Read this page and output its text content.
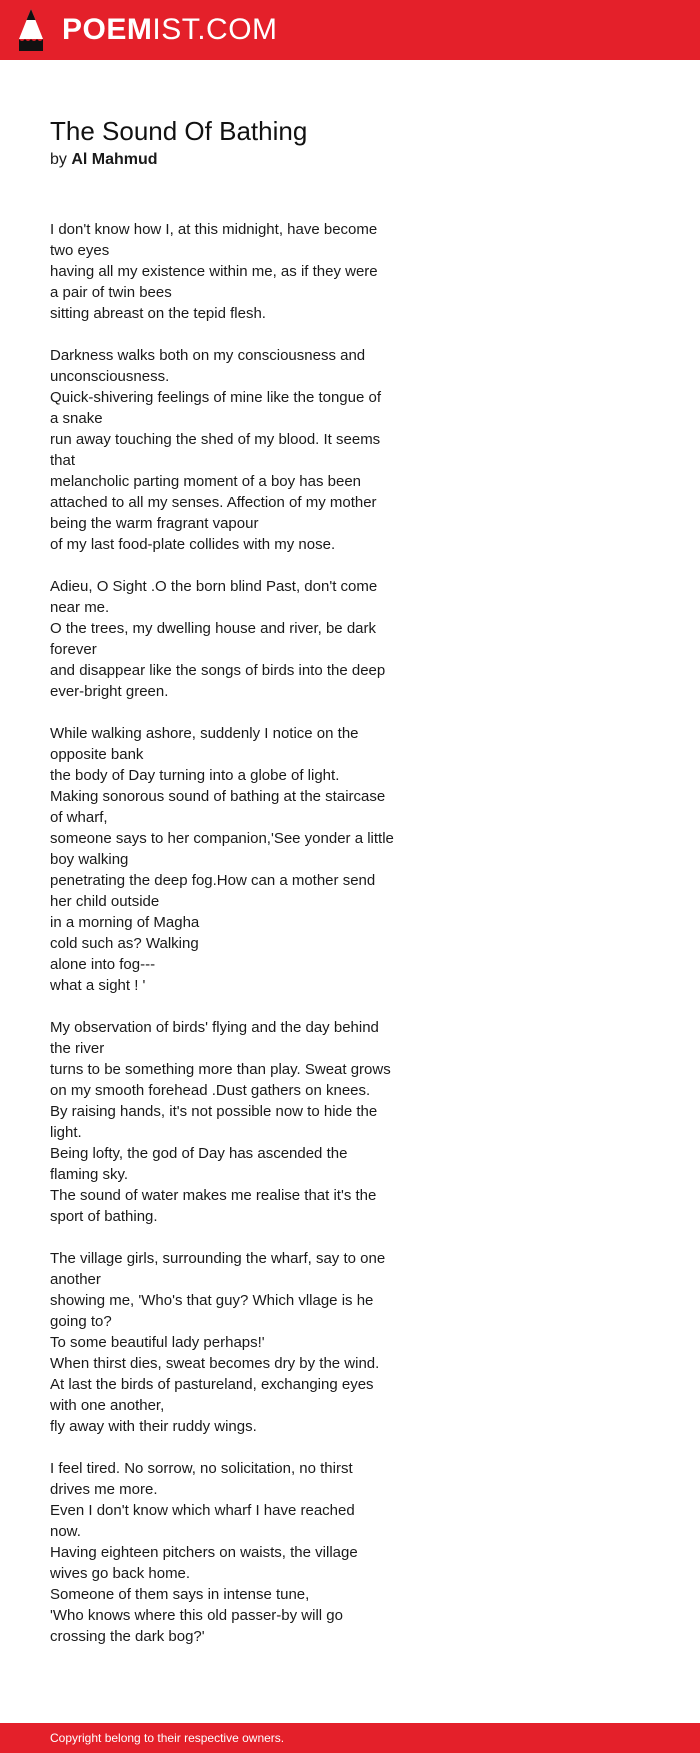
POEMIST.COM
The Sound Of Bathing
by Al Mahmud
I don't know how I, at this midnight, have become
two eyes
having all my existence within me, as if they were
a pair of twin bees
sitting abreast on the tepid flesh.
Darkness walks both on my consciousness and
unconsciousness.
Quick-shivering feelings of mine like the tongue of
a snake
run away touching the shed of my blood. It seems
that
melancholic parting moment of a boy has been
attached to all my senses. Affection of my mother
being the warm fragrant vapour
of my last food-plate collides with my nose.
Adieu, O Sight .O the born blind Past, don't come
near me.
O the trees, my dwelling house and river, be dark
forever
and disappear like the songs of birds into the deep
ever-bright green.
While walking ashore, suddenly I notice on the
opposite bank
the body of Day turning into a globe of light.
Making sonorous sound of bathing at the staircase
of wharf,
someone says to her companion,'See yonder a little
boy walking
penetrating the deep fog.How can a mother send
her child outside
in a morning of Magha
cold such as? Walking
alone into fog---
what a sight ! '
My observation of birds' flying and the day behind
the river
turns to be something more than play. Sweat grows
on my smooth forehead .Dust gathers on knees.
By raising hands, it's not possible now to hide the
light.
Being lofty, the god of Day has ascended the
flaming sky.
The sound of water makes me realise that it's the
sport of bathing.
The village girls, surrounding the wharf, say to one
another
showing me, 'Who's that guy? Which vllage is he
going to?
To some beautiful lady perhaps!'
When thirst dies, sweat becomes dry by the wind.
At last the birds of pastureland, exchanging eyes
with one another,
fly away with their ruddy wings.
I feel tired. No sorrow, no solicitation, no thirst
drives me more.
Even I don't know which wharf I have reached
now.
Having eighteen pitchers on waists, the village
wives go back home.
Someone of them says in intense tune,
'Who knows where this old passer-by will go
crossing the dark bog?'
Copyright belong to their respective owners.
